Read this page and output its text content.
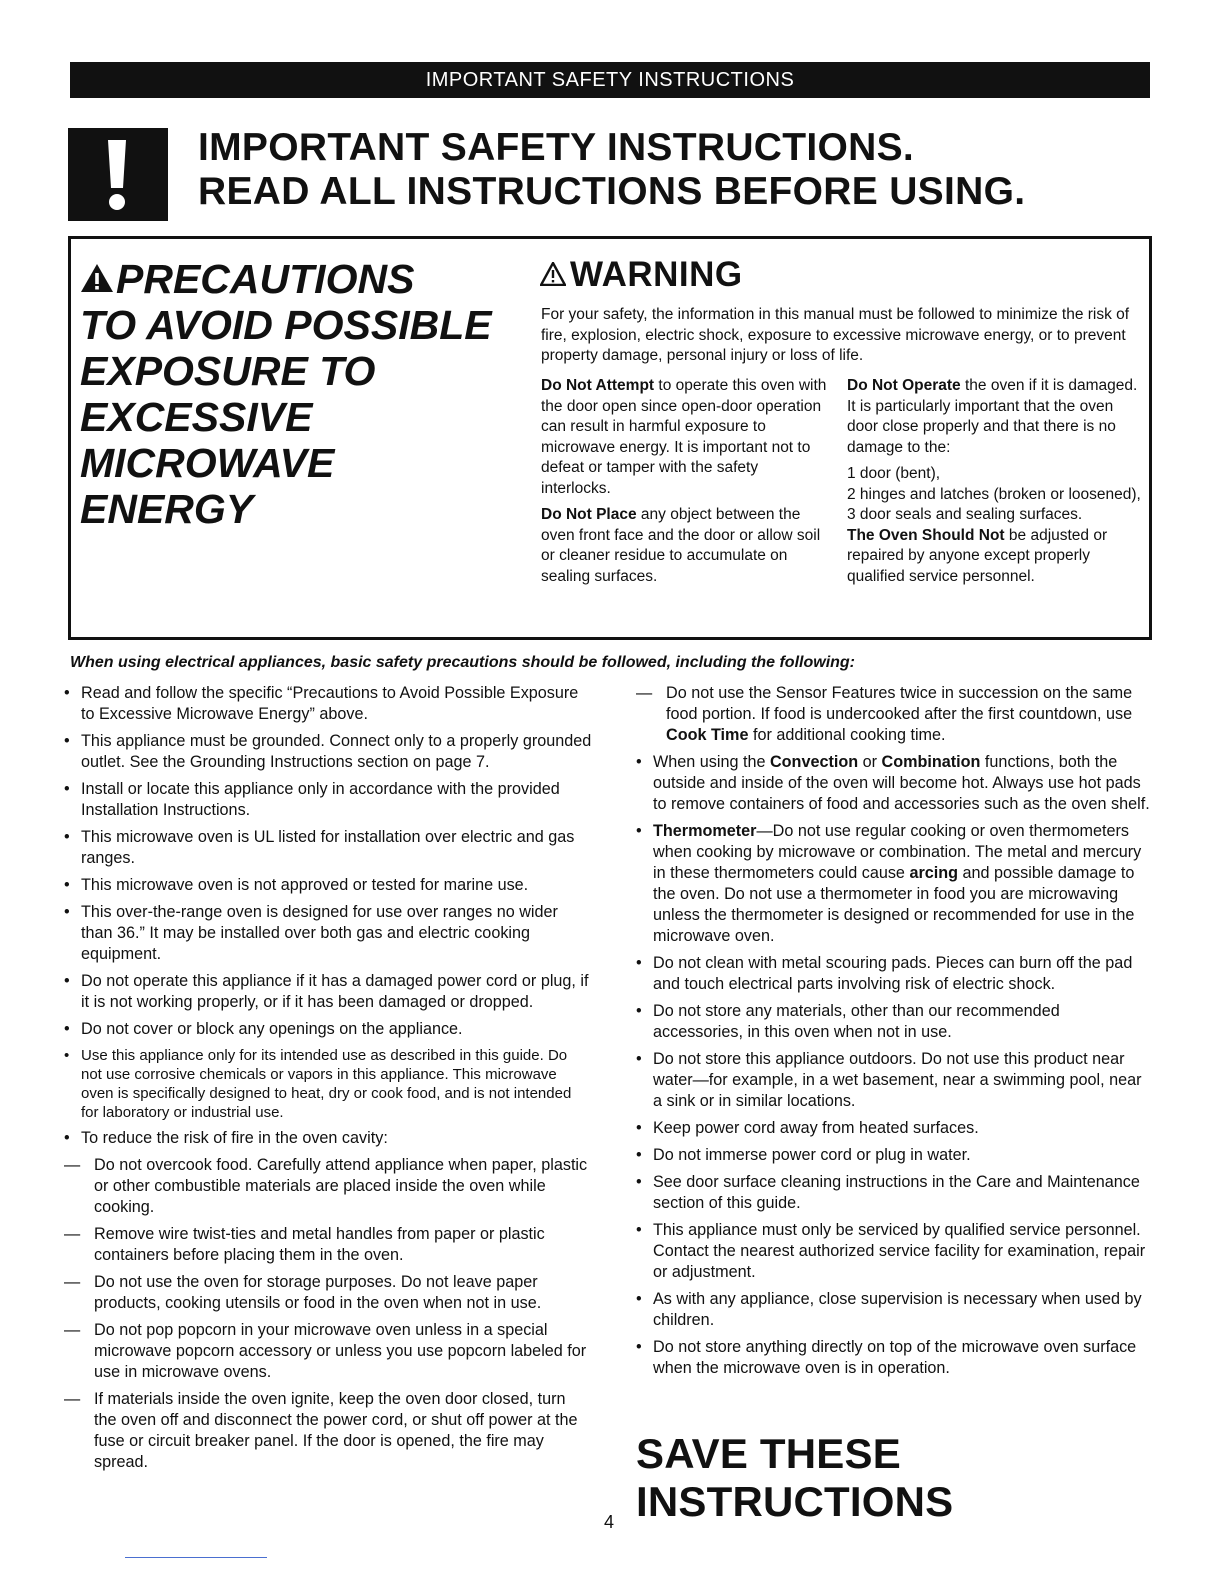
IMPORTANT SAFETY INSTRUCTIONS
IMPORTANT SAFETY INSTRUCTIONS.
READ ALL INSTRUCTIONS BEFORE USING.
PRECAUTIONS
TO AVOID POSSIBLE
EXPOSURE TO
EXCESSIVE MICROWAVE
ENERGY
WARNING
For your safety, the information in this manual must be followed to minimize the risk of fire, explosion, electric shock, exposure to excessive microwave energy, or to prevent property damage, personal injury or loss of life.

Do Not Attempt to operate this oven with the door open since open-door operation can result in harmful exposure to microwave energy. It is important not to defeat or tamper with the safety interlocks.

Do Not Place any object between the oven front face and the door or allow soil or cleaner residue to accumulate on sealing surfaces.

Do Not Operate the oven if it is damaged. It is particularly important that the oven door close properly and that there is no damage to the:

1 door (bent),

2 hinges and latches (broken or loosened),

3 door seals and sealing surfaces.

The Oven Should Not be adjusted or repaired by anyone except properly qualified service personnel.

When using electrical appliances, basic safety precautions should be followed, including the following:

• Read and follow the specific “Precautions to Avoid Possible Exposure to Excessive Microwave Energy” above.

• This appliance must be grounded. Connect only to a properly grounded outlet. See the Grounding Instructions section on page 7.

• Install or locate this appliance only in accordance with the provided Installation Instructions.

• This microwave oven is UL listed for installation over electric and gas ranges.

• This microwave oven is not approved or tested for marine use.

• This over-the-range oven is designed for use over ranges no wider than 36.” It may be installed over both gas and electric cooking equipment.

• Do not operate this appliance if it has a damaged power cord or plug, if it is not working properly, or if it has been damaged or dropped.

• Do not cover or block any openings on the appliance.

• Use this appliance only for its intended use as described in this guide. Do not use corrosive chemicals or vapors in this appliance. This microwave oven is specifically designed to heat, dry or cook food, and is not intended for laboratory or industrial use.

• To reduce the risk of fire in the oven cavity:

— Do not overcook food. Carefully attend appliance when paper, plastic or other combustible materials are placed inside the oven while cooking.

— Remove wire twist-ties and metal handles from paper or plastic containers before placing them in the oven.

— Do not use the oven for storage purposes. Do not leave paper products, cooking utensils or food in the oven when not in use.

— Do not pop popcorn in your microwave oven unless in a special microwave popcorn accessory or unless you use popcorn labeled for use in microwave ovens.

— If materials inside the oven ignite, keep the oven door closed, turn the oven off and disconnect the power cord, or shut off power at the fuse or circuit breaker panel. If the door is opened, the fire may spread.

— Do not use the Sensor Features twice in succession on the same food portion. If food is undercooked after the first countdown, use Cook Time for additional cooking time.

• When using the Convection or Combination functions, both the outside and inside of the oven will become hot. Always use hot pads to remove containers of food and accessories such as the oven shelf.

• Thermometer—Do not use regular cooking or oven thermometers when cooking by microwave or combination. The metal and mercury in these thermometers could cause arcing and possible damage to the oven. Do not use a thermometer in food you are microwaving unless the thermometer is designed or recommended for use in the microwave oven.

• Do not clean with metal scouring pads. Pieces can burn off the pad and touch electrical parts involving risk of electric shock.

• Do not store any materials, other than our recommended accessories, in this oven when not in use.

• Do not store this appliance outdoors. Do not use this product near water—for example, in a wet basement, near a swimming pool, near a sink or in similar locations.

• Keep power cord away from heated surfaces.

• Do not immerse power cord or plug in water.

• See door surface cleaning instructions in the Care and Maintenance section of this guide.

• This appliance must only be serviced by qualified service personnel. Contact the nearest authorized service facility for examination, repair or adjustment.

• As with any appliance, close supervision is necessary when used by children.

• Do not store anything directly on top of the microwave oven surface when the microwave oven is in operation.

SAVE THESE INSTRUCTIONS
4
